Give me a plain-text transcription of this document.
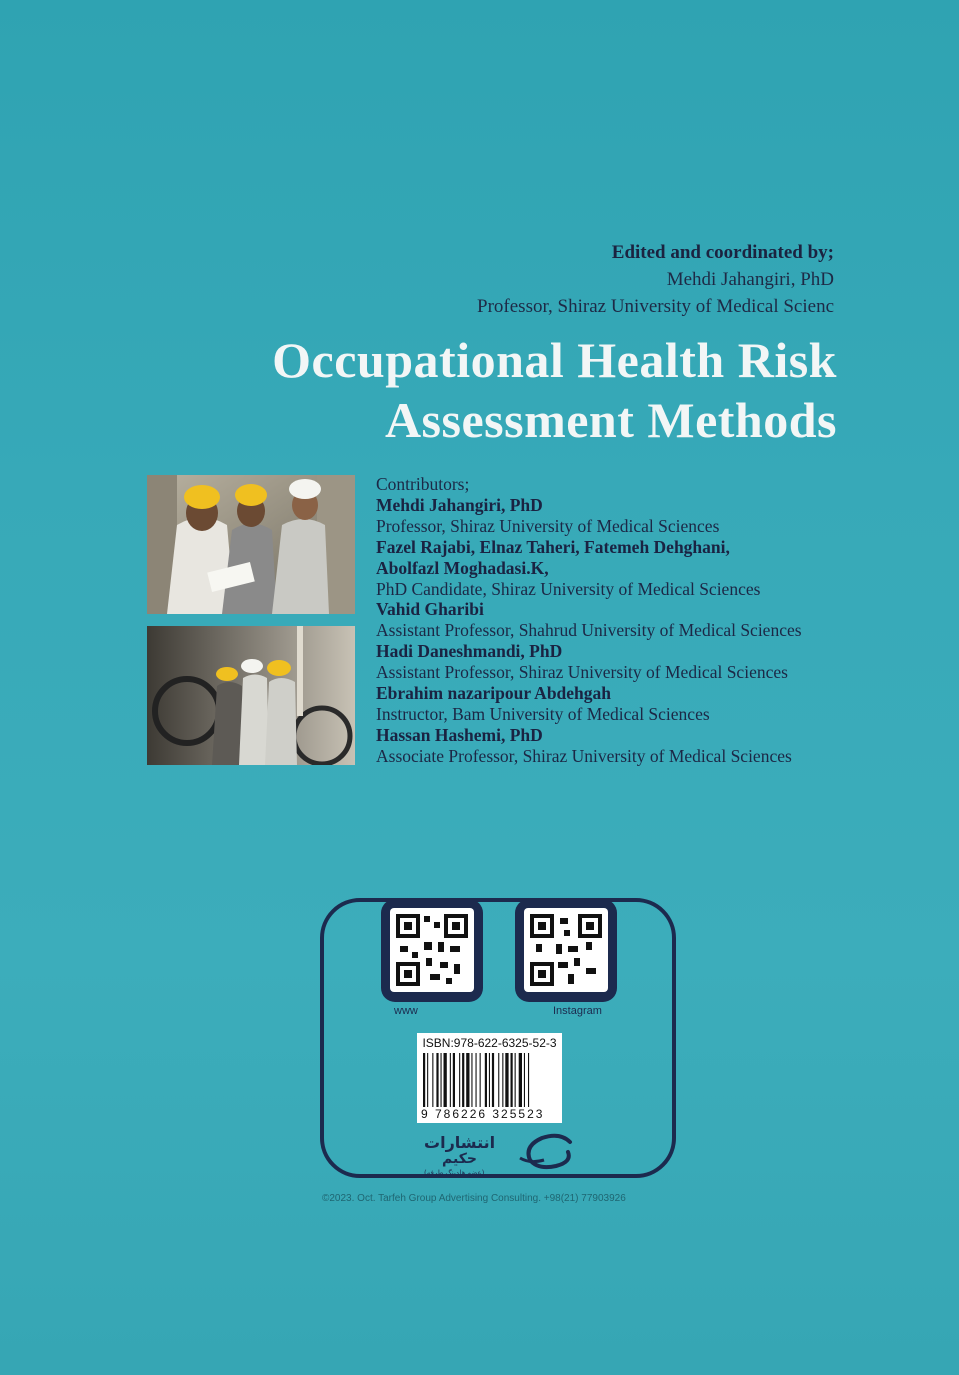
Edited and coordinated by;
Mehdi Jahangiri, PhD
Professor, Shiraz University of Medical Scienc
Occupational Health Risk
Assessment Methods
Contributors;
Mehdi Jahangiri, PhD
Professor, Shiraz University of Medical Sciences
Fazel Rajabi, Elnaz Taheri, Fatemeh Dehghani,
Abolfazl Moghadasi.K,
PhD Candidate, Shiraz University of Medical Sciences
Vahid Gharibi
Assistant Professor, Shahrud University of Medical Sciences
Hadi Daneshmandi, PhD
Assistant Professor, Shiraz University of Medical Sciences
Ebrahim nazaripour Abdehgah
Instructor, Bam University of Medical Sciences
Hassan Hashemi, PhD
Associate Professor, Shiraz University of Medical Sciences
www	Instagram
ISBN:978-622-6325-52-3
9 786226 325523
انتشارات
حکیم
(عضو هلدینگ طرفه)
©2023. Oct. Tarfeh Group Advertising Consulting. +98(21) 77903926
